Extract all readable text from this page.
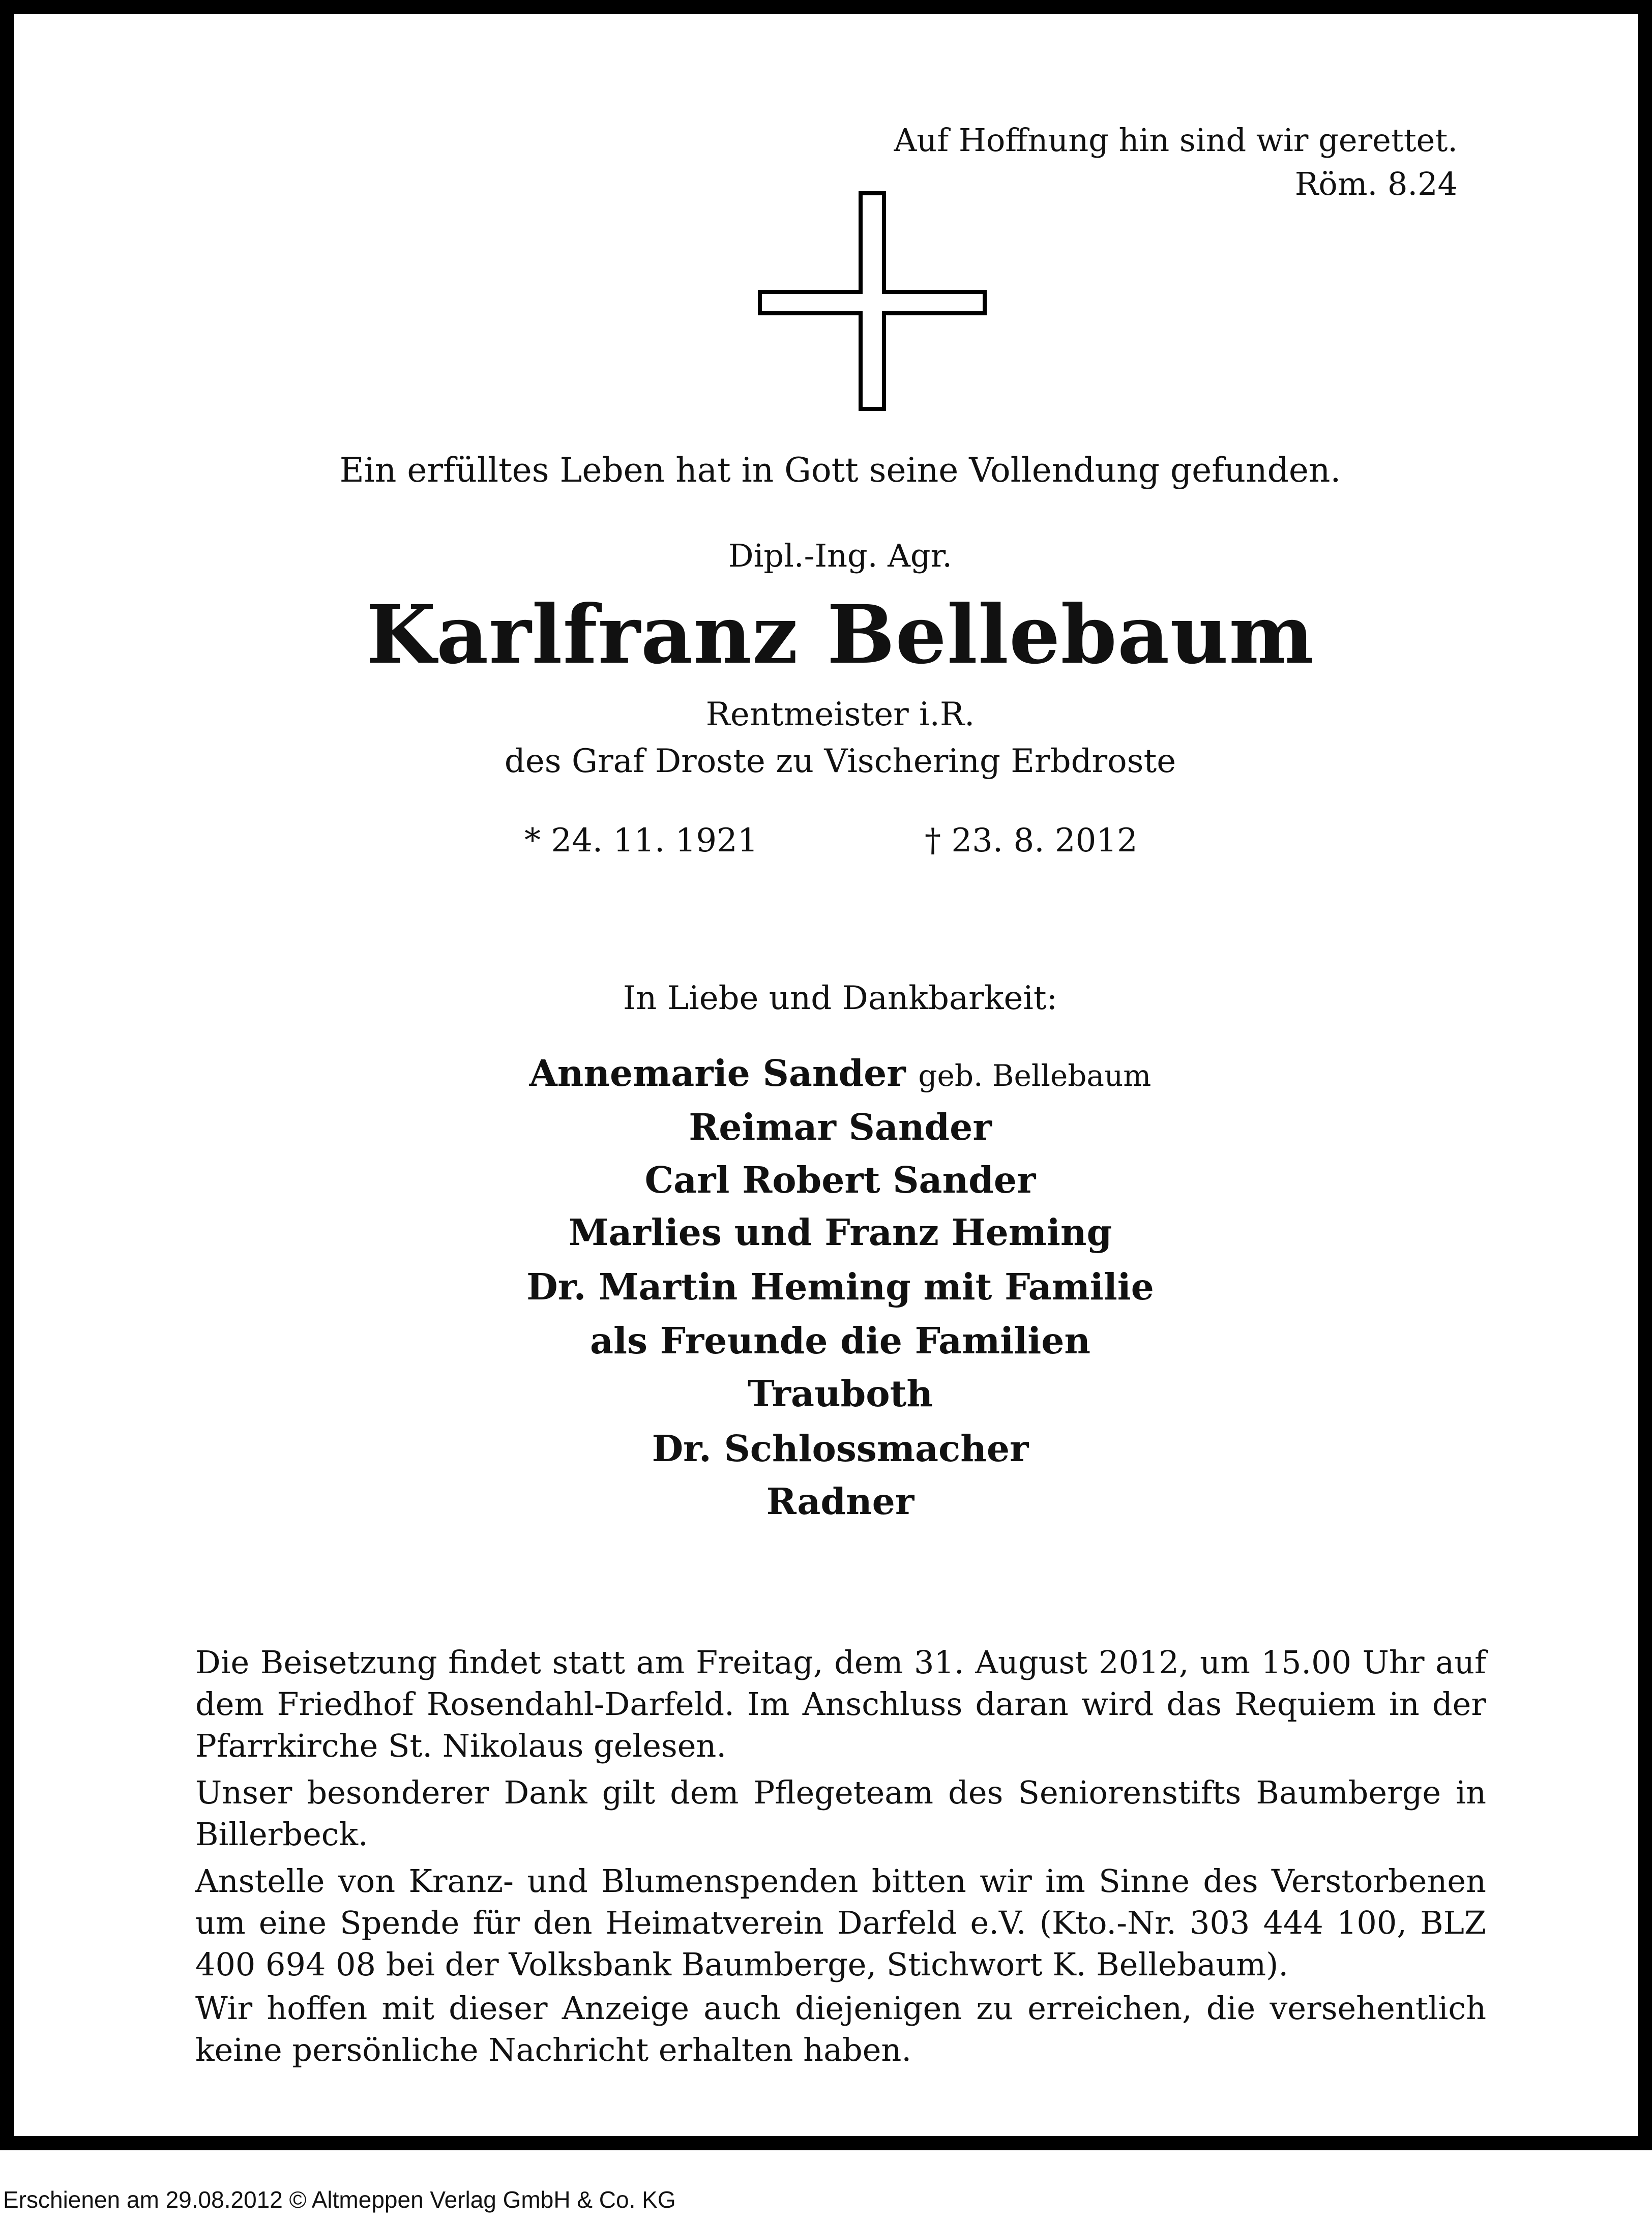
Auf Hoffnung hin sind wir gerettet.
Röm. 8.24
Ein erfülltes Leben hat in Gott seine Vollendung gefunden.
Dipl.-Ing. Agr.
Karlfranz Bellebaum
Rentmeister i.R.
des Graf Droste zu Vischering Erbdroste
* 24. 11. 1921	† 23. 8. 2012
In Liebe und Dankbarkeit:
Annemarie Sander geb. Bellebaum
Reimar Sander
Carl Robert Sander
Marlies und Franz Heming
Dr. Martin Heming mit Familie
als Freunde die Familien
Trauboth
Dr. Schlossmacher
Radner
Die Beisetzung findet statt am Freitag, dem 31. August 2012, um 15.00 Uhr auf dem Friedhof Rosendahl-Darfeld. Im Anschluss daran wird das Requiem in der Pfarrkirche St. Nikolaus gelesen.
Unser besonderer Dank gilt dem Pflegeteam des Seniorenstifts Baumberge in Billerbeck.
Anstelle von Kranz- und Blumenspenden bitten wir im Sinne des Verstorbenen um eine Spende für den Heimatverein Darfeld e.V. (Kto.-Nr. 303 444 100, BLZ 400 694 08 bei der Volksbank Baumberge, Stichwort K. Bellebaum).
Wir hoffen mit dieser Anzeige auch diejenigen zu erreichen, die versehentlich keine persönliche Nachricht erhalten haben.
Erschienen am 29.08.2012 © Altmeppen Verlag GmbH & Co. KG
